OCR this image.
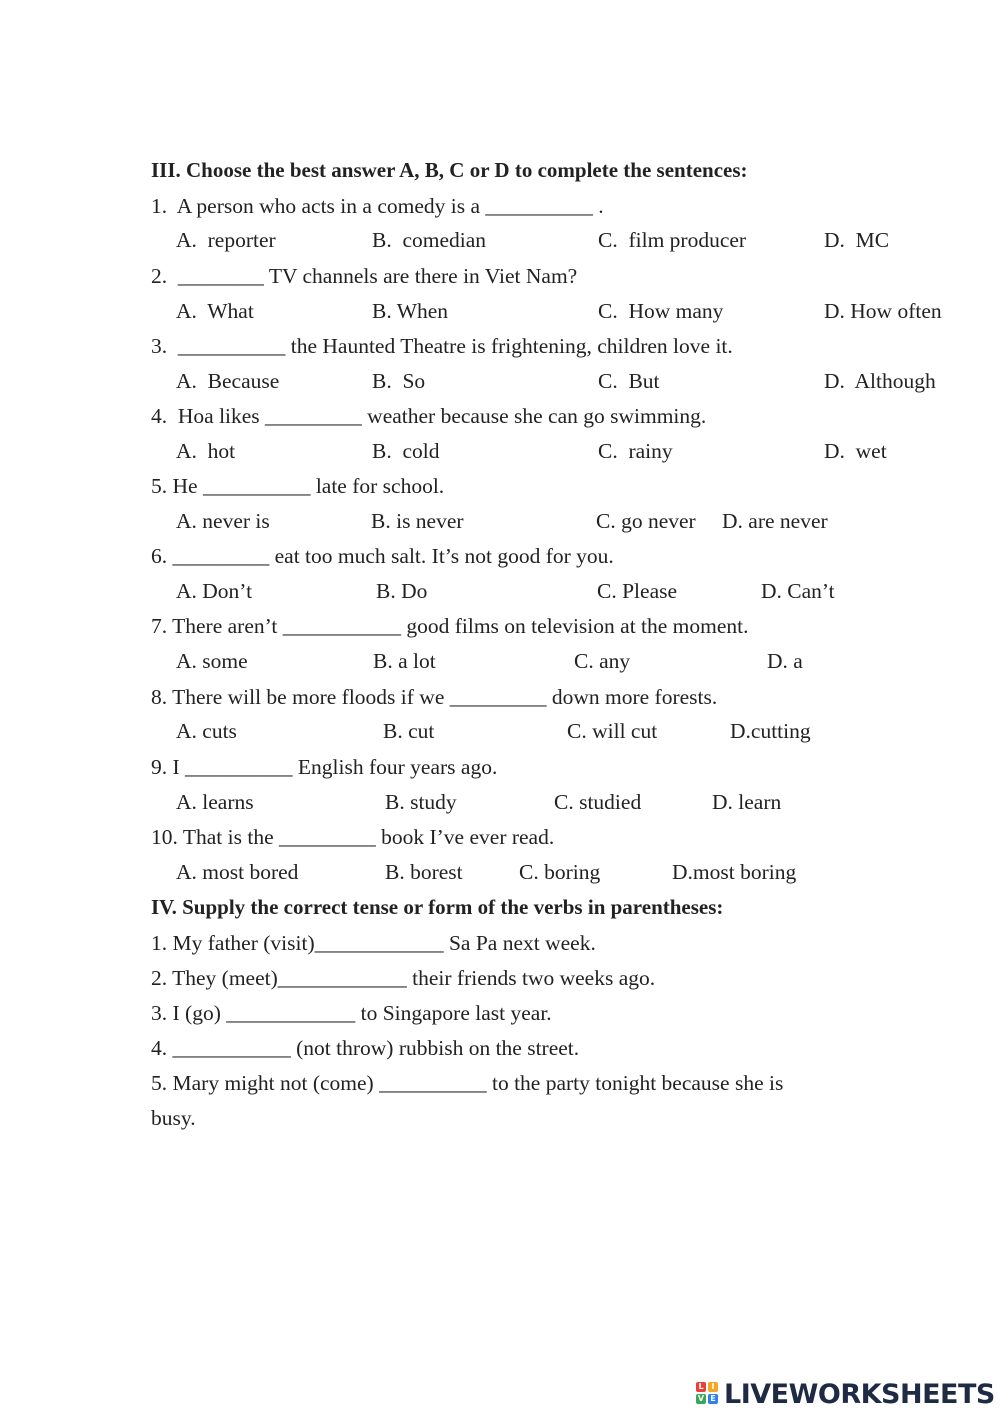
III. Choose the best answer A, B, C or D to complete the sentences:
1.  A person who acts in a comedy is a __________ .
A.  reporter	B.  comedian	C.  film producer	D.  MC
2.  ________ TV channels are there in Viet Nam?
A.  What	B. When	C.  How many	D. How often
3.  __________ the Haunted Theatre is frightening, children love it.
A.  Because	B.  So	C.  But	D.  Although
4.  Hoa likes _________ weather because she can go swimming.
A.  hot	B.  cold	C.  rainy	D.  wet
5. He __________ late for school.
A. never is	B. is never	C. go never D. are never
6. _________ eat too much salt. It’s not good for you.
A. Don’t	B. Do	C. Please	D. Can’t
7. There aren’t ___________ good films on television at the moment.
A. some	B. a lot	C. any	D. a
8. There will be more floods if we _________ down more forests.
A. cuts	B. cut	C. will cut	D.cutting
9. I __________ English four years ago.
A. learns	B. study	C. studied	D. learn
10. That is the _________ book I’ve ever read.
A. most bored	B. borest	C. boring	D.most boring
IV. Supply the correct tense or form of the verbs in parentheses:
1. My father (visit)____________ Sa Pa next week.
2. They (meet)____________ their friends two weeks ago.
3. I (go) ____________ to Singapore last year.
4. ___________ (not throw) rubbish on the street.
5. Mary might not (come) __________ to the party tonight because she is
busy.
L I
V E LIVEWORKSHEETS
